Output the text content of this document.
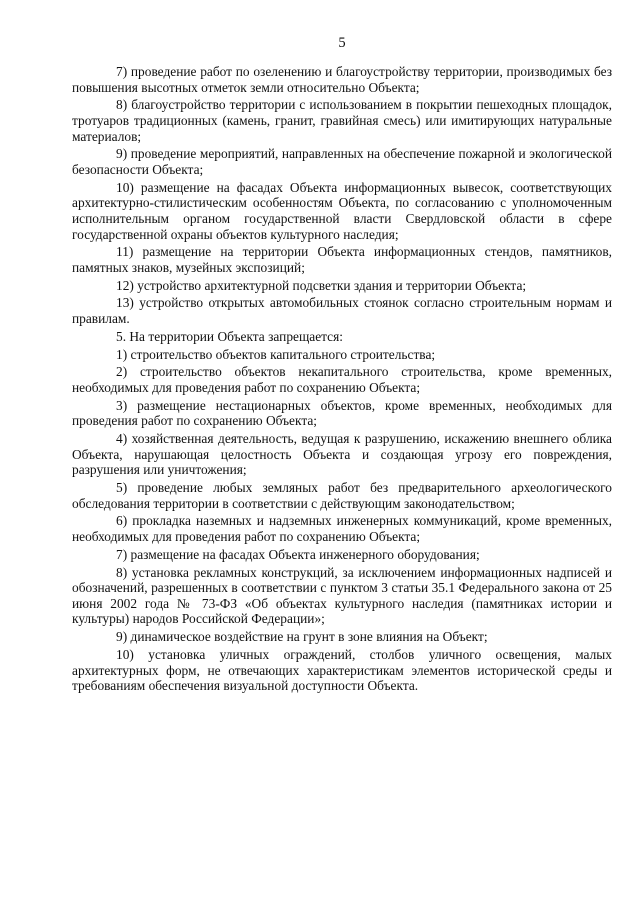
5

7) проведение работ по озеленению и благоустройству территории, производимых без повышения высотных отметок земли относительно Объекта;

8) благоустройство территории с использованием в покрытии пешеходных площадок, тротуаров традиционных (камень, гранит, гравийная смесь) или имитирующих натуральные материалов;

9) проведение мероприятий, направленных на обеспечение пожарной и экологической безопасности Объекта;

10) размещение на фасадах Объекта информационных вывесок, соответствующих архитектурно-стилистическим особенностям Объекта, по согласованию с уполномоченным исполнительным органом государственной власти Свердловской области в сфере государственной охраны объектов культурного наследия;

11) размещение на территории Объекта информационных стендов, памятников, памятных знаков, музейных экспозиций;

12) устройство архитектурной подсветки здания и территории Объекта;

13) устройство открытых автомобильных стоянок согласно строительным нормам и правилам.

5. На территории Объекта запрещается:

1) строительство объектов капитального строительства;

2) строительство объектов некапитального строительства, кроме временных, необходимых для проведения работ по сохранению Объекта;

3) размещение нестационарных объектов, кроме временных, необходимых для проведения работ по сохранению Объекта;

4) хозяйственная деятельность, ведущая к разрушению, искажению внешнего облика Объекта, нарушающая целостность Объекта и создающая угрозу его повреждения, разрушения или уничтожения;

5) проведение любых земляных работ без предварительного археологического обследования территории в соответствии с действующим законодательством;

6) прокладка наземных и надземных инженерных коммуникаций, кроме временных, необходимых для проведения работ по сохранению Объекта;

7) размещение на фасадах Объекта инженерного оборудования;

8) установка рекламных конструкций, за исключением информационных надписей и обозначений, разрешенных в соответствии с пунктом 3 статьи 35.1 Федерального закона от 25 июня 2002 года № 73-ФЗ «Об объектах культурного наследия (памятниках истории и культуры) народов Российской Федерации»;

9) динамическое воздействие на грунт в зоне влияния на Объект;

10) установка уличных ограждений, столбов уличного освещения, малых архитектурных форм, не отвечающих характеристикам элементов исторической среды и требованиям обеспечения визуальной доступности Объекта.
